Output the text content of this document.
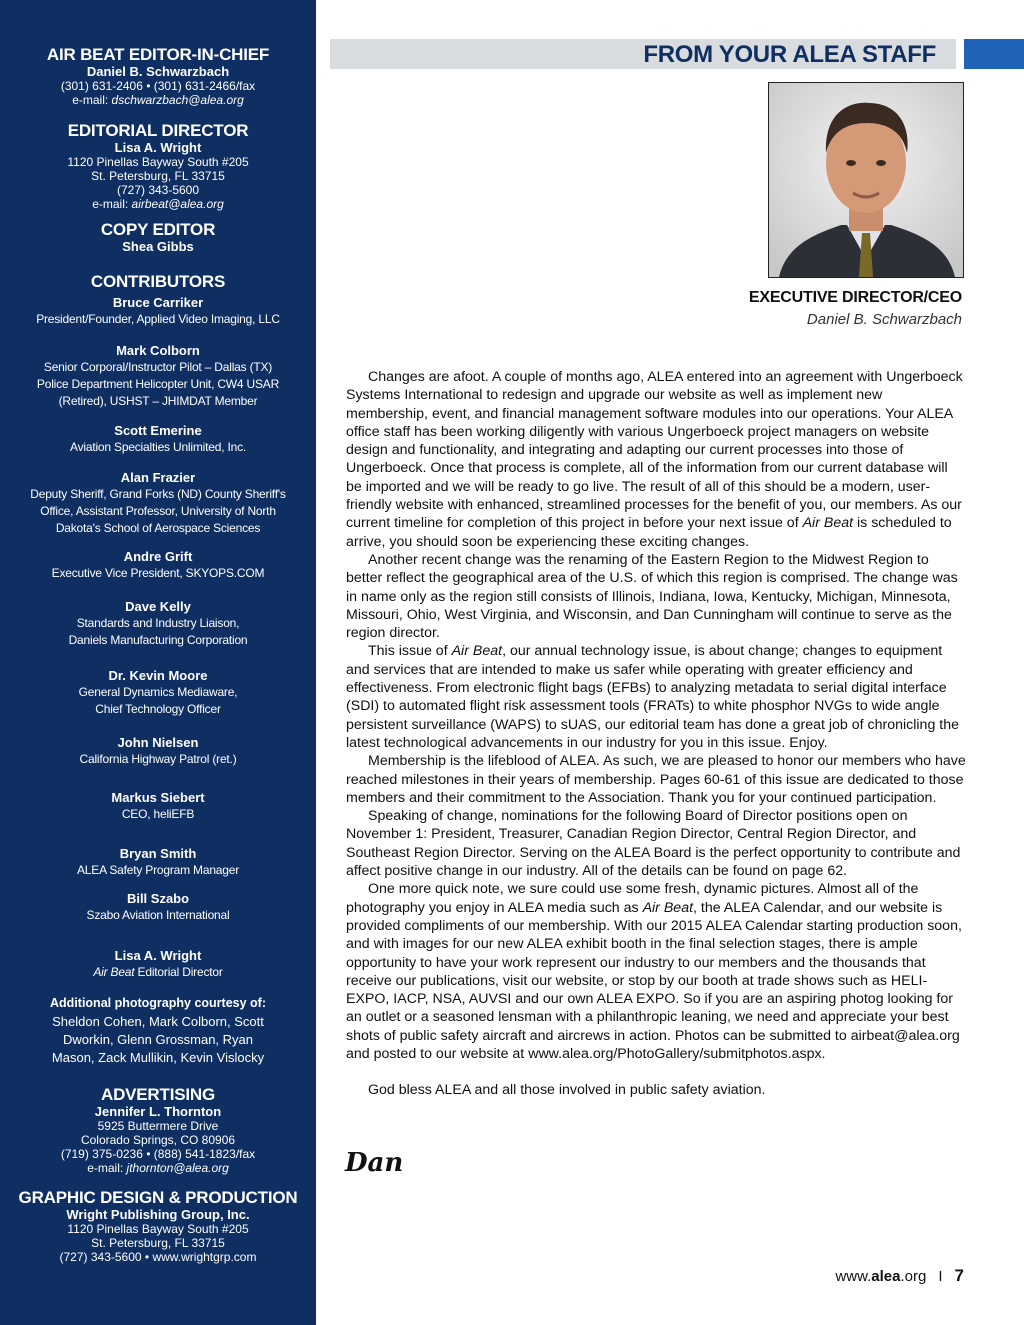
AIR BEAT EDITOR-IN-CHIEF
Daniel B. Schwarzbach
(301) 631-2406 • (301) 631-2466/fax
e-mail: dschwarzbach@alea.org
EDITORIAL DIRECTOR
Lisa A. Wright
1120 Pinellas Bayway South #205
St. Petersburg, FL 33715
(727) 343-5600
e-mail: airbeat@alea.org
COPY EDITOR
Shea Gibbs
CONTRIBUTORS
Bruce Carriker
President/Founder, Applied Video Imaging, LLC
Mark Colborn
Senior Corporal/Instructor Pilot – Dallas (TX) Police Department Helicopter Unit, CW4 USAR (Retired), USHST – JHIMDAT Member
Scott Emerine
Aviation Specialties Unlimited, Inc.
Alan Frazier
Deputy Sheriff, Grand Forks (ND) County Sheriff's Office, Assistant Professor, University of North Dakota's School of Aerospace Sciences
Andre Grift
Executive Vice President, SKYOPS.COM
Dave Kelly
Standards and Industry Liaison, Daniels Manufacturing Corporation
Dr. Kevin Moore
General Dynamics Mediaware, Chief Technology Officer
John Nielsen
California Highway Patrol (ret.)
Markus Siebert
CEO, heliEFB
Bryan Smith
ALEA Safety Program Manager
Bill Szabo
Szabo Aviation International
Lisa A. Wright
Air Beat Editorial Director
Additional photography courtesy of:
Sheldon Cohen, Mark Colborn, Scott Dworkin, Glenn Grossman, Ryan Mason, Zack Mullikin, Kevin Vislocky
ADVERTISING
Jennifer L. Thornton
5925 Buttermere Drive
Colorado Springs, CO 80906
(719) 375-0236 • (888) 541-1823/fax
e-mail: jthornton@alea.org
GRAPHIC DESIGN & PRODUCTION
Wright Publishing Group, Inc.
1120 Pinellas Bayway South #205
St. Petersburg, FL 33715
(727) 343-5600 • www.wrightgrp.com
FROM YOUR ALEA STAFF
EXECUTIVE DIRECTOR/CEO
Daniel B. Schwarzbach

Changes are afoot. A couple of months ago, ALEA entered into an agreement with Ungerboeck Systems International to redesign and upgrade our website as well as implement new membership, event, and financial management software modules into our operations. Your ALEA office staff has been working diligently with various Ungerboeck project managers on website design and functionality, and integrating and adapting our current processes into those of Ungerboeck. Once that process is complete, all of the information from our current database will be imported and we will be ready to go live. The result of all of this should be a modern, user-friendly website with enhanced, streamlined processes for the benefit of you, our members. As our current timeline for completion of this project in before your next issue of Air Beat is scheduled to arrive, you should soon be experiencing these exciting changes.

Another recent change was the renaming of the Eastern Region to the Midwest Region to better reflect the geographical area of the U.S. of which this region is comprised. The change was in name only as the region still consists of Illinois, Indiana, Iowa, Kentucky, Michigan, Minnesota, Missouri, Ohio, West Virginia, and Wisconsin, and Dan Cunningham will continue to serve as the region director.

This issue of Air Beat, our annual technology issue, is about change; changes to equipment and services that are intended to make us safer while operating with greater efficiency and effectiveness. From electronic flight bags (EFBs) to analyzing metadata to serial digital interface (SDI) to automated flight risk assessment tools (FRATs) to white phosphor NVGs to wide angle persistent surveillance (WAPS) to sUAS, our editorial team has done a great job of chronicling the latest technological advancements in our industry for you in this issue. Enjoy.

Membership is the lifeblood of ALEA. As such, we are pleased to honor our members who have reached milestones in their years of membership. Pages 60-61 of this issue are dedicated to those members and their commitment to the Association. Thank you for your continued participation.

Speaking of change, nominations for the following Board of Director positions open on November 1: President, Treasurer, Canadian Region Director, Central Region Director, and Southeast Region Director. Serving on the ALEA Board is the perfect opportunity to contribute and affect positive change in our industry. All of the details can be found on page 62.

One more quick note, we sure could use some fresh, dynamic pictures. Almost all of the photography you enjoy in ALEA media such as Air Beat, the ALEA Calendar, and our website is provided compliments of our membership. With our 2015 ALEA Calendar starting production soon, and with images for our new ALEA exhibit booth in the final selection stages, there is ample opportunity to have your work represent our industry to our members and the thousands that receive our publications, visit our website, or stop by our booth at trade shows such as HELI-EXPO, IACP, NSA, AUVSI and our own ALEA EXPO. So if you are an aspiring photog looking for an outlet or a seasoned lensman with a philanthropic leaning, we need and appreciate your best shots of public safety aircraft and aircrews in action. Photos can be submitted to airbeat@alea.org and posted to our website at www.alea.org/PhotoGallery/submitphotos.aspx.

God bless ALEA and all those involved in public safety aviation.

Dan
www.alea.org I 7
